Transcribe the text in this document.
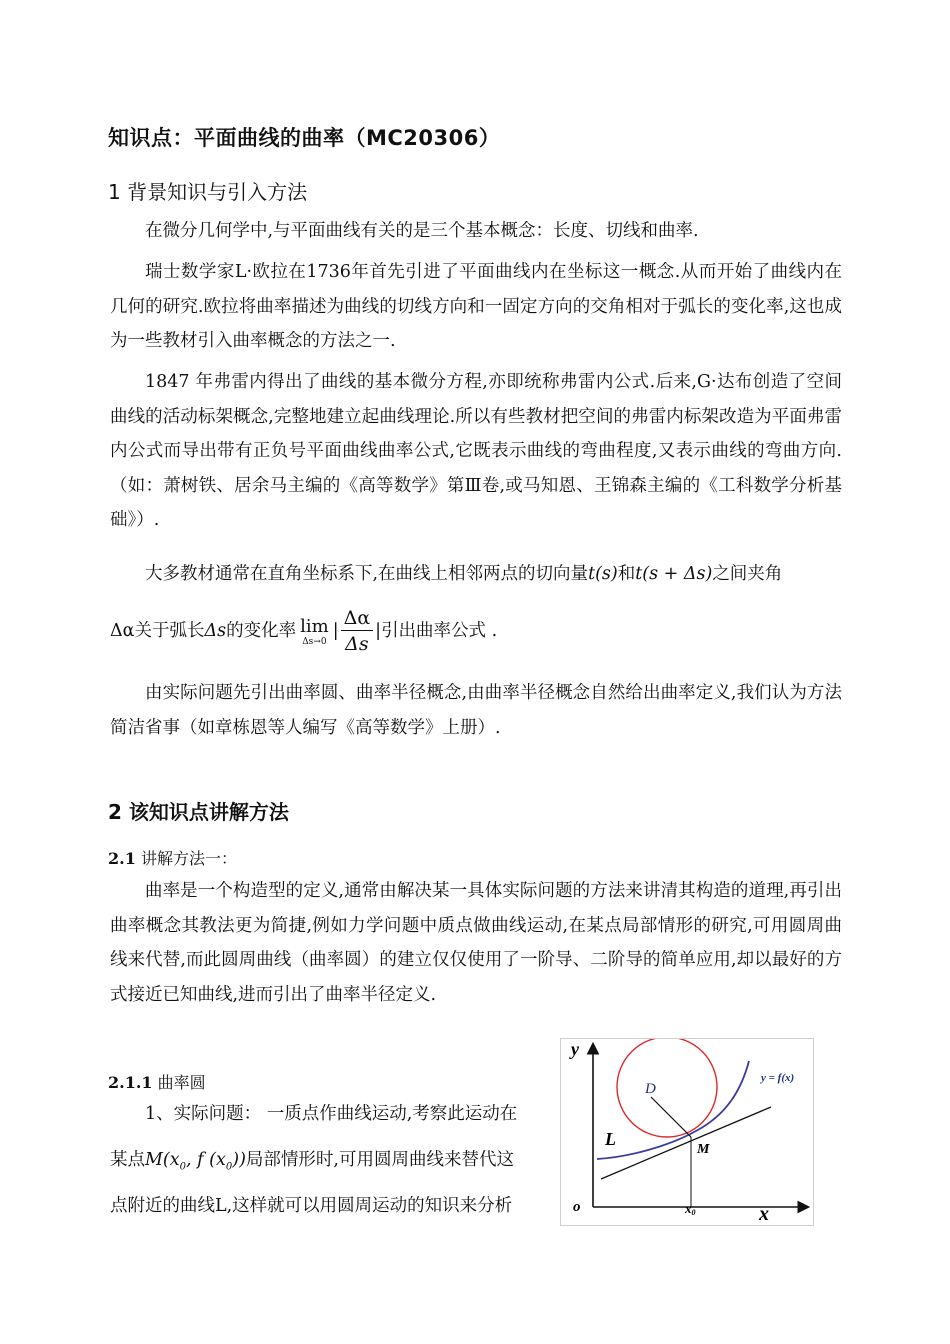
知识点：平面曲线的曲率（MC20306）
1 背景知识与引入方法

在微分几何学中,与平面曲线有关的是三个基本概念：长度、切线和曲率.

瑞士数学家L·欧拉在1736年首先引进了平面曲线内在坐标这一概念.从而开始了曲线内在几何的研究.欧拉将曲率描述为曲线的切线方向和一固定方向的交角相对于弧长的变化率,这也成为一些教材引入曲率概念的方法之一.

1847 年弗雷内得出了曲线的基本微分方程,亦即统称弗雷内公式.后来,G·达布创造了空间曲线的活动标架概念,完整地建立起曲线理论.所以有些教材把空间的弗雷内标架改造为平面弗雷内公式而导出带有正负号平面曲线曲率公式,它既表示曲线的弯曲程度,又表示曲线的弯曲方向.（如：萧树铁、居余马主编的《高等数学》第Ⅲ卷,或马知恩、王锦森主编的《工科数学分析基础》）.

大多教材通常在直角坐标系下,在曲线上相邻两点的切向量t(s)和t(s + Δs)之间夹角
Δα关于弧长Δs的变化率 lim
Δs→0
| $\frac{\Delta\alpha}{\Delta s}$ |引出曲率公式 .

由实际问题先引出曲率圆、曲率半径概念,由曲率半径概念自然给出曲率定义,我们认为方法简洁省事（如章栋恩等人编写《高等数学》上册）.

2 该知识点讲解方法
2.1 讲解方法一：

曲率是一个构造型的定义,通常由解决某一具体实际问题的方法来讲清其构造的道理,再引出曲率概念其教法更为简捷,例如力学问题中质点做曲线运动,在某点局部情形的研究,可用圆周曲线来代替,而此圆周曲线（曲率圆）的建立仅仅使用了一阶导、二阶导的简单应用,却以最好的方式接近已知曲线,进而引出了曲率半径定义.

2.1.1 曲率圆
1、实际问题： 一质点作曲线运动,考察此运动在
某点$M(x_0$, f $(x_0)$)局部情形时,可用圆周曲线来替代这
点附近的曲线L,这样就可以用圆周运动的知识来分析
y
x
o
y = f(x)
D
L
M
x0
